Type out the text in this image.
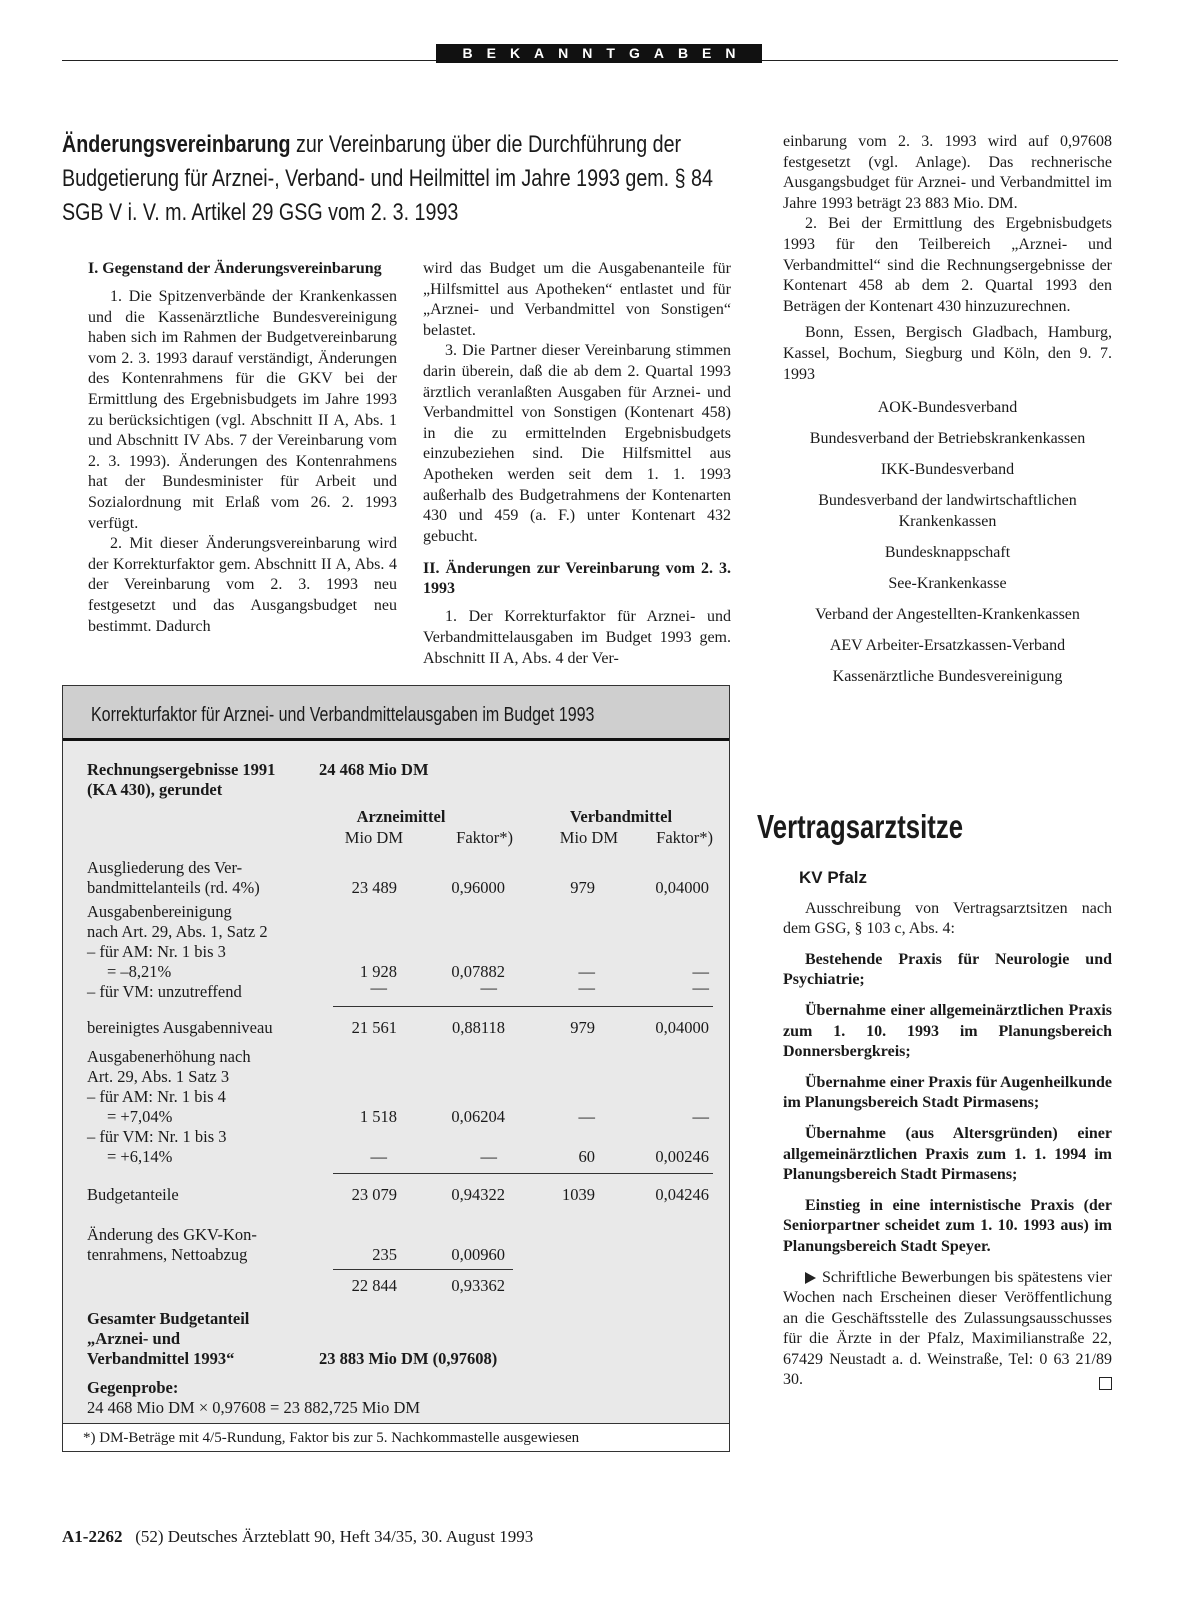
BEKANNTGABEN
Änderungsvereinbarung zur Vereinbarung über die Durchführung der Budgetierung für Arznei-, Verband- und Heilmittel im Jahre 1993 gem. § 84 SGB V i. V. m. Artikel 29 GSG vom 2. 3. 1993

I. Gegenstand der Änderungsvereinbarung

1. Die Spitzenverbände der Krankenkassen und die Kassenärztliche Bundesvereinigung haben sich im Rahmen der Budgetvereinbarung vom 2. 3. 1993 darauf verständigt, Änderungen des Kontenrahmens für die GKV bei der Ermittlung des Ergebnisbudgets im Jahre 1993 zu berücksichtigen (vgl. Abschnitt II A, Abs. 1 und Abschnitt IV Abs. 7 der Vereinbarung vom 2. 3. 1993). Änderungen des Kontenrahmens hat der Bundesminister für Arbeit und Sozialordnung mit Erlaß vom 26. 2. 1993 verfügt.

2. Mit dieser Änderungsvereinbarung wird der Korrekturfaktor gem. Abschnitt II A, Abs. 4 der Vereinbarung vom 2. 3. 1993 neu festgesetzt und das Ausgangsbudget neu bestimmt. Dadurch

wird das Budget um die Ausgabenanteile für „Hilfsmittel aus Apotheken“ entlastet und für „Arznei- und Verbandmittel von Sonstigen“ belastet.

3. Die Partner dieser Vereinbarung stimmen darin überein, daß die ab dem 2. Quartal 1993 ärztlich veranlaßten Ausgaben für Arznei- und Verbandmittel von Sonstigen (Kontenart 458) in die zu ermittelnden Ergebnisbudgets einzubeziehen sind. Die Hilfsmittel aus Apotheken werden seit dem 1. 1. 1993 außerhalb des Budgetrahmens der Kontenarten 430 und 459 (a. F.) unter Kontenart 432 gebucht.

II. Änderungen zur Vereinbarung vom 2. 3. 1993

1. Der Korrekturfaktor für Arznei- und Verbandmittelausgaben im Budget 1993 gem. Abschnitt II A, Abs. 4 der Ver-

einbarung vom 2. 3. 1993 wird auf 0,97608 festgesetzt (vgl. Anlage). Das rechnerische Ausgangsbudget für Arznei- und Verbandmittel im Jahre 1993 beträgt 23 883 Mio. DM.

2. Bei der Ermittlung des Ergebnisbudgets 1993 für den Teilbereich „Arznei- und Verbandmittel“ sind die Rechnungsergebnisse der Kontenart 458 ab dem 2. Quartal 1993 den Beträgen der Kontenart 430 hinzuzurechnen.

Bonn, Essen, Bergisch Gladbach, Hamburg, Kassel, Bochum, Siegburg und Köln, den 9. 7. 1993

AOK-Bundesverband
Bundesverband der Betriebskrankenkassen
IKK-Bundesverband
Bundesverband der landwirtschaftlichen Krankenkassen
Bundesknappschaft
See-Krankenkasse
Verband der Angestellten-Krankenkassen
AEV Arbeiter-Ersatzkassen-Verband
Kassenärztliche Bundesvereinigung
Korrekturfaktor für Arznei- und Verbandmittelausgaben im Budget 1993
Rechnungsergebnisse 1991
(KA 430), gerundet
24 468 Mio DM
Arzneimittel	Verbandmittel
Mio DM	Faktor*)	Mio DM	Faktor*)
Ausgliederung des Ver-
bandmittelanteils (rd. 4%)	23 489	0,96000	979	0,04000
Ausgabenbereinigung
nach Art. 29, Abs. 1, Satz 2
– für AM: Nr. 1 bis 3
= –8,21%
– für VM: unzutreffend
1 928	0,07882	—	—
—	—	—	—
bereinigtes Ausgabenniveau	21 561	0,88118	979	0,04000
Ausgabenerhöhung nach
Art. 29, Abs. 1 Satz 3
– für AM: Nr. 1 bis 4
= +7,04%
– für VM: Nr. 1 bis 3
= +6,14%
1 518	0,06204	—	—
—	—	60	0,00246
Budgetanteile	23 079	0,94322	1039	0,04246
Änderung des GKV-Kon-
tenrahmens, Nettoabzug	235	0,00960
22 844	0,93362
Gesamter Budgetanteil
„Arznei- und
Verbandmittel 1993“	23 883 Mio DM (0,97608)
Gegenprobe:
24 468 Mio DM × 0,97608 = 23 882,725 Mio DM
*) DM-Beträge mit 4/5-Rundung, Faktor bis zur 5. Nachkommastelle ausgewiesen
Vertragsarztsitze

KV Pfalz

Ausschreibung von Vertragsarztsitzen nach dem GSG, § 103 c, Abs. 4:

Bestehende Praxis für Neurologie und Psychiatrie;

Übernahme einer allgemeinärztlichen Praxis zum 1. 10. 1993 im Planungsbereich Donnersbergkreis;

Übernahme einer Praxis für Augenheilkunde im Planungsbereich Stadt Pirmasens;

Übernahme (aus Altersgründen) einer allgemeinärztlichen Praxis zum 1. 1. 1994 im Planungsbereich Stadt Pirmasens;

Einstieg in eine internistische Praxis (der Seniorpartner scheidet zum 1. 10. 1993 aus) im Planungsbereich Stadt Speyer.

Schriftliche Bewerbungen bis spätestens vier Wochen nach Erscheinen dieser Veröffentlichung an die Geschäftsstelle des Zulassungsausschusses für die Ärzte in der Pfalz, Maximilianstraße 22, 67429 Neustadt a. d. Weinstraße, Tel: 0 63 21/89 30.

A1-2262 (52) Deutsches Ärzteblatt 90, Heft 34/35, 30. August 1993
